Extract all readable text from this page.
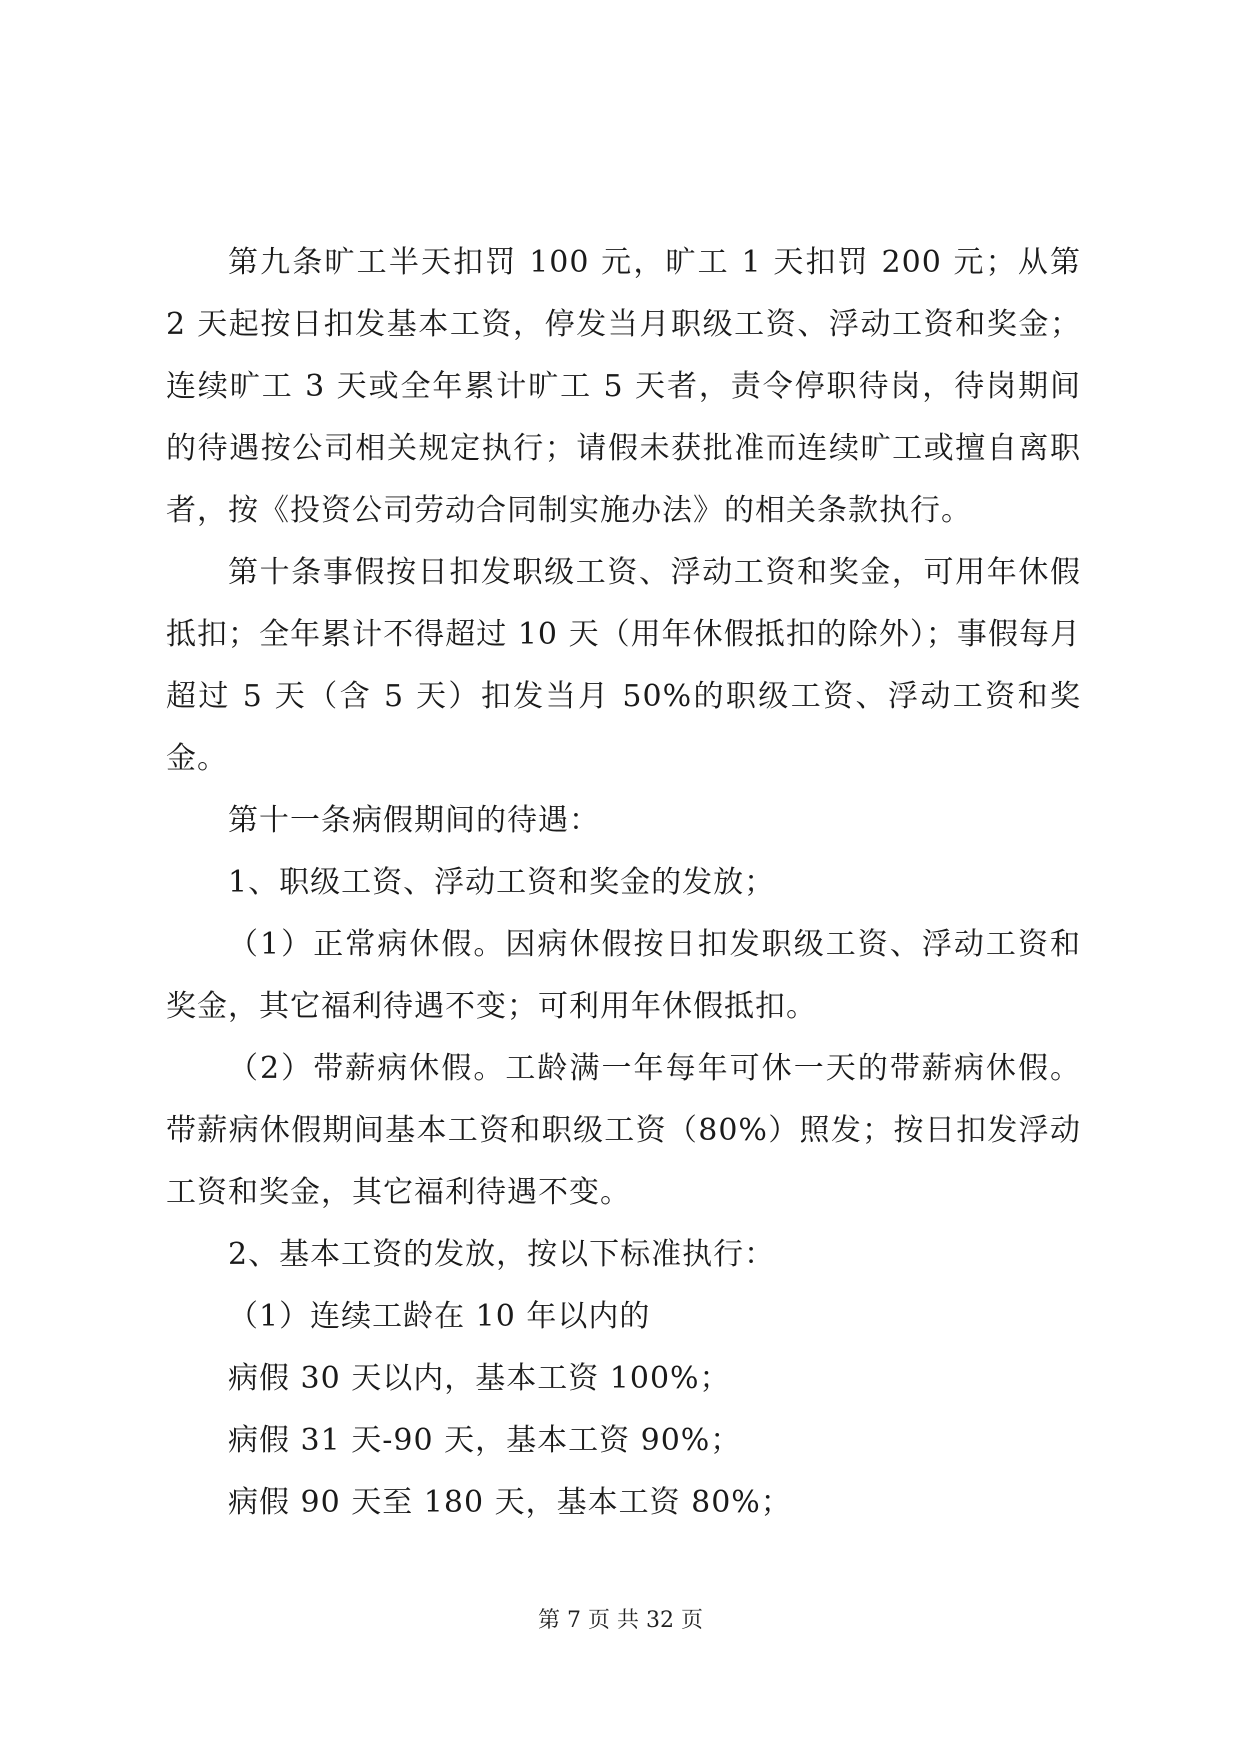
第九条旷工半天扣罚 100 元，旷工 1 天扣罚 200 元；从第 2 天起按日扣发基本工资，停发当月职级工资、浮动工资和奖金；连续旷工 3 天或全年累计旷工 5 天者，责令停职待岗，待岗期间的待遇按公司相关规定执行；请假未获批准而连续旷工或擅自离职者，按《投资公司劳动合同制实施办法》的相关条款执行。

第十条事假按日扣发职级工资、浮动工资和奖金，可用年休假抵扣；全年累计不得超过 10 天（用年休假抵扣的除外）；事假每月超过 5 天（含 5 天）扣发当月 50%的职级工资、浮动工资和奖金。

第十一条病假期间的待遇：

1、职级工资、浮动工资和奖金的发放；

（1）正常病休假。因病休假按日扣发职级工资、浮动工资和奖金，其它福利待遇不变；可利用年休假抵扣。

（2）带薪病休假。工龄满一年每年可休一天的带薪病休假。带薪病休假期间基本工资和职级工资（80%）照发；按日扣发浮动工资和奖金，其它福利待遇不变。

2、基本工资的发放，按以下标准执行：

（1）连续工龄在 10 年以内的

病假 30 天以内，基本工资 100%；

病假 31 天-90 天，基本工资 90%；

病假 90 天至 180 天，基本工资 80%；

第 7 页 共 32 页
